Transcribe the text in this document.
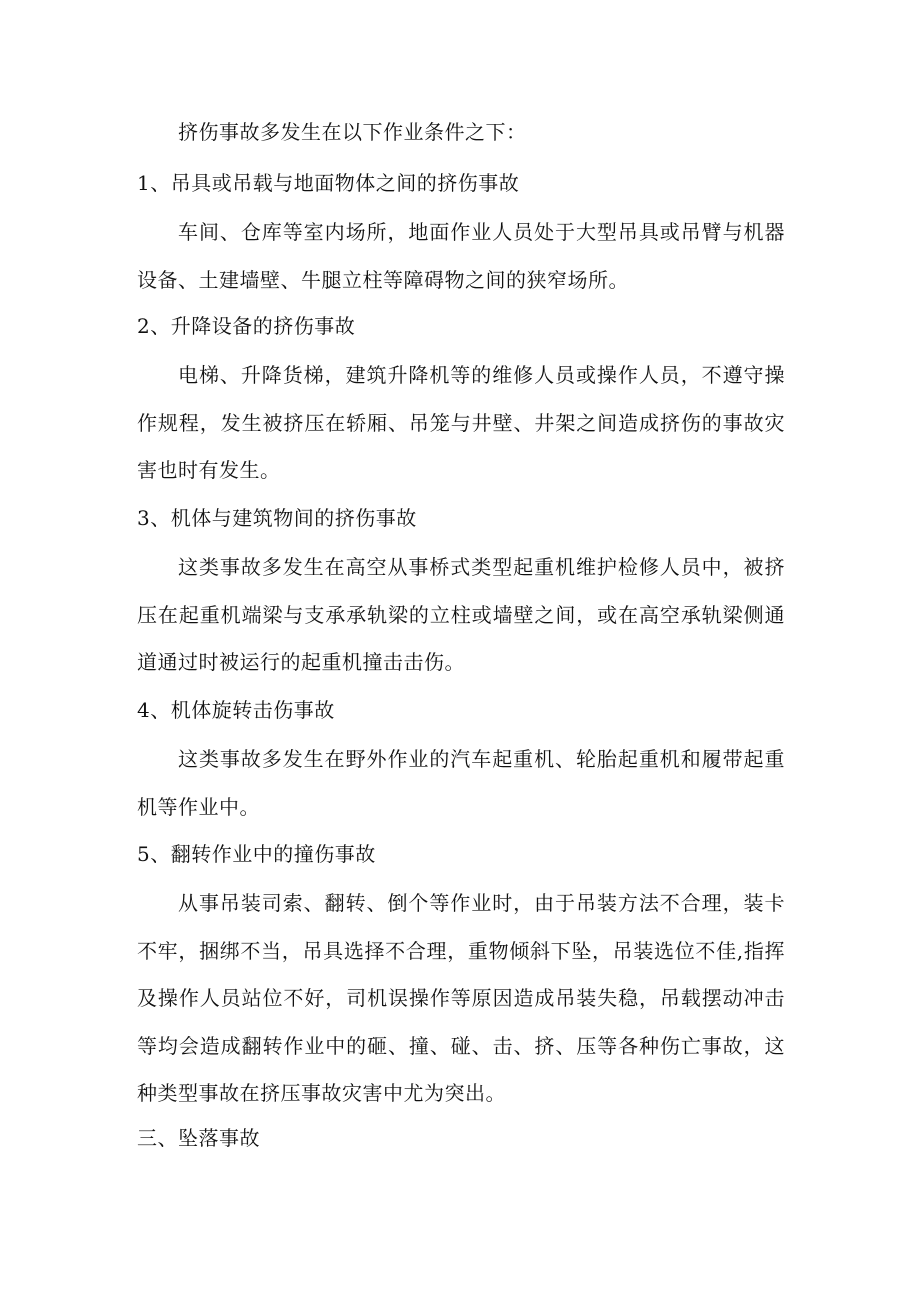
挤伤事故多发生在以下作业条件之下：
1、吊具或吊载与地面物体之间的挤伤事故

车间、仓库等室内场所，地面作业人员处于大型吊具或吊臂与机器设备、土建墙壁、牛腿立柱等障碍物之间的狭窄场所。

2、升降设备的挤伤事故

电梯、升降货梯，建筑升降机等的维修人员或操作人员，不遵守操作规程，发生被挤压在轿厢、吊笼与井壁、井架之间造成挤伤的事故灾害也时有发生。

3、机体与建筑物间的挤伤事故

这类事故多发生在高空从事桥式类型起重机维护检修人员中，被挤压在起重机端梁与支承承轨梁的立柱或墙壁之间，或在高空承轨梁侧通道通过时被运行的起重机撞击击伤。

4、机体旋转击伤事故

这类事故多发生在野外作业的汽车起重机、轮胎起重机和履带起重机等作业中。

5、翻转作业中的撞伤事故

从事吊装司索、翻转、倒个等作业时，由于吊装方法不合理，装卡不牢，捆绑不当，吊具选择不合理，重物倾斜下坠，吊装选位不佳,指挥及操作人员站位不好，司机误操作等原因造成吊装失稳，吊载摆动冲击等均会造成翻转作业中的砸、撞、碰、击、挤、压等各种伤亡事故，这种类型事故在挤压事故灾害中尤为突出。

三、坠落事故
